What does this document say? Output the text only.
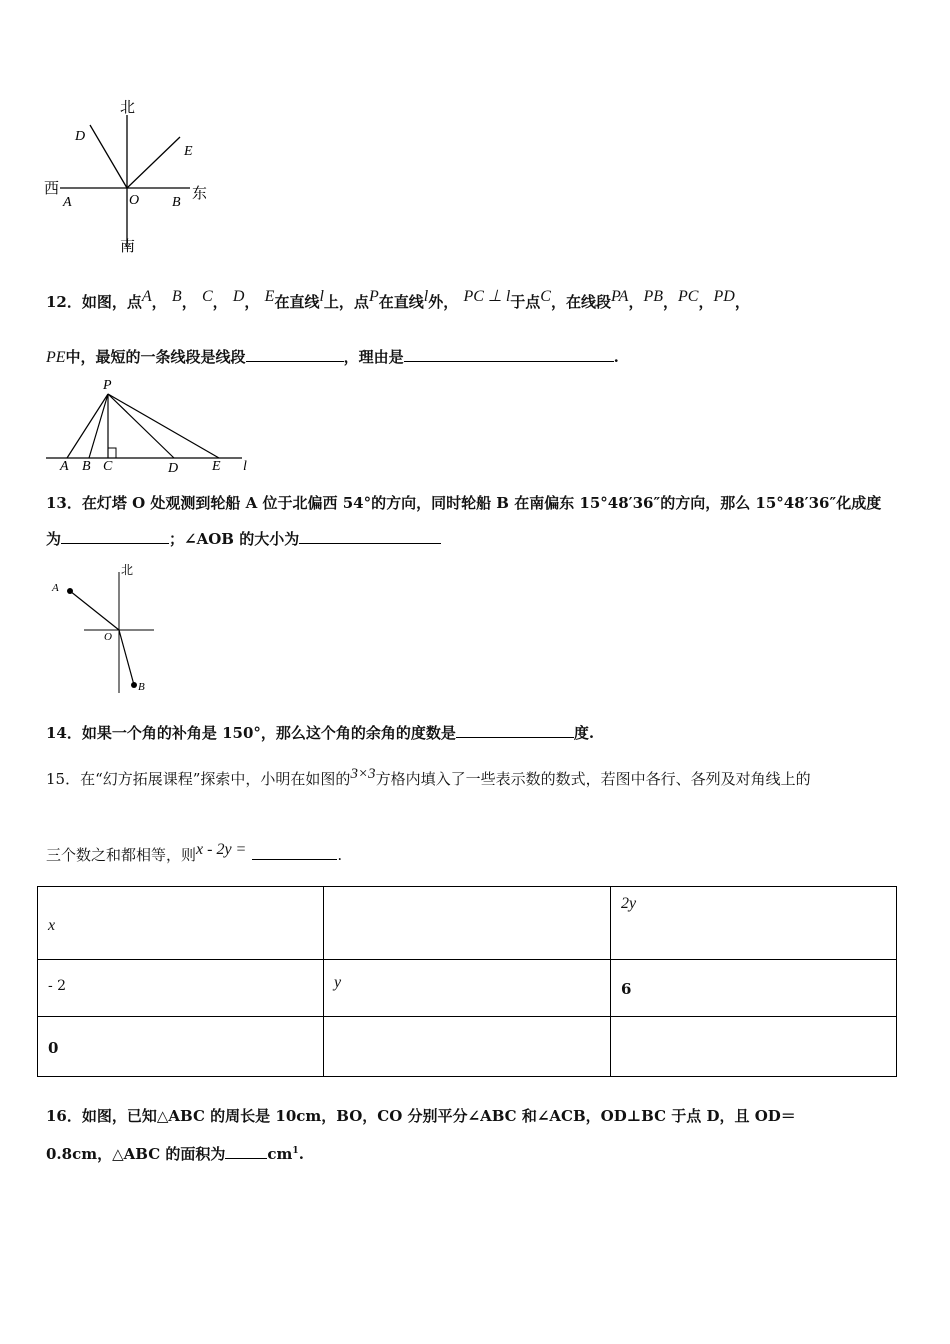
北
南
西	东
D
E
A	O B
12．如图，点$^A$， $^B$， $^C$， $^D$， $^E$在直线$^l$上，点$^P$在直线$^l$外， $^{PC \perp l}$于点$^C$，在线段$^{PA}$，$^{PB}$，$^{PC}$，$^{PD}$，
PE中，最短的一条线段是线段	，理由是	.
P
A B C	D E l
13．在灯塔 O 处观测到轮船 A 位于北偏西 54°的方向，同时轮船 B 在南偏东 15°48′36″的方向，那么 15°48′36″化成度
为	；∠AOB 的大小为
北
A
O
B
14．如果一个角的补角是 150°，那么这个角的余角的度数是	度.
15．在“幻方拓展课程”探索中，小明在如图的$^{3\times 3}$方格内填入了一些表示数的数式，若图中各行、各列及对角线上的
三个数之和都相等，则$^{x - 2y =}$	.
x		2y

- 2	y	6

0		

16．如图，已知△ABC 的周长是 10cm，BO，CO 分别平分∠ABC 和∠ACB，OD⊥BC 于点 D，且 OD＝
0.8cm，△ABC 的面积为	$cm^1$.
